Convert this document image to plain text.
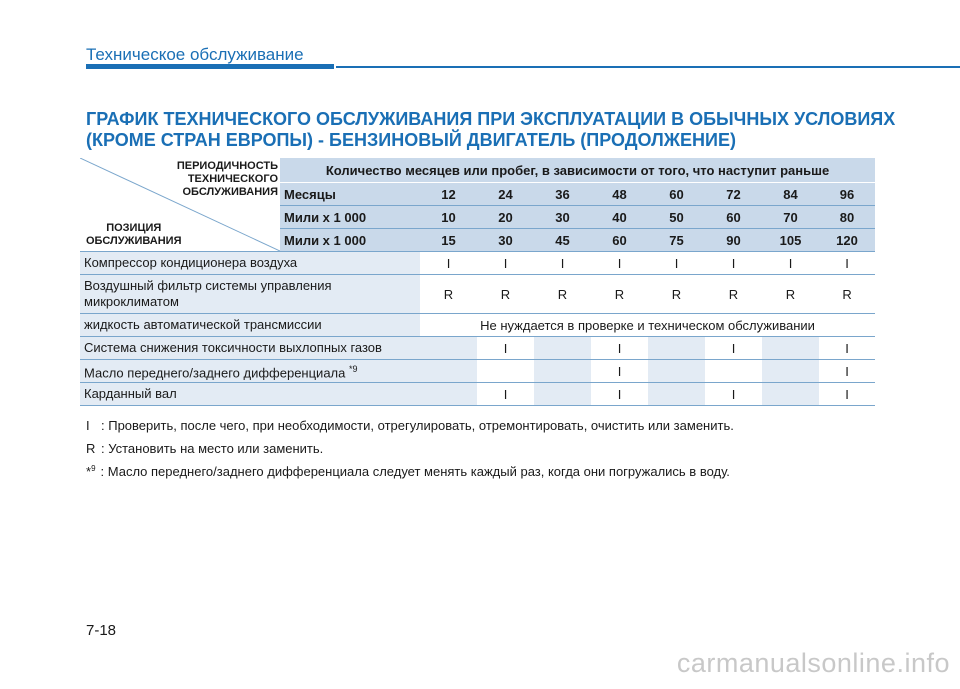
Техническое обслуживание
ГРАФИК ТЕХНИЧЕСКОГО ОБСЛУЖИВАНИЯ ПРИ ЭКСПЛУАТАЦИИ В ОБЫЧНЫХ УСЛОВИЯХ
(КРОМЕ СТРАН ЕВРОПЫ) - БЕНЗИНОВЫЙ ДВИГАТЕЛЬ (ПРОДОЛЖЕНИЕ)
ПЕРИОДИЧНОСТЬ
ТЕХНИЧЕСКОГО
ОБСЛУЖИВАНИЯ
ПОЗИЦИЯ
ОБСЛУЖИВАНИЯ	Количество месяцев или пробег, в зависимости от того, что наступит раньше								
	Месяцы	12	24	36	48	60	72	84	96
	Мили x 1 000	10	20	30	40	50	60	70	80
	Мили x 1 000	15	30	45	60	75	90	105	120
Компрессор кондиционера воздуха		I	I	I	I	I	I	I	I
Воздушный фильтр системы управления микроклиматом		R	R	R	R	R	R	R	R
жидкость автоматической трансмиссии		Не нуждается в проверке и техническом обслуживании							
Система снижения токсичности выхлопных газов			I		I		I		I
Масло переднего/заднего дифференциала $^{*9}$					I				I
Карданный вал			I		I		I		I
I : Проверить, после чего, при необходимости, отрегулировать, отремонтировать, очистить или заменить.
R : Установить на место или заменить.
*$^9$ : Масло переднего/заднего дифференциала следует менять каждый раз, когда они погружались в воду.
7-18
carmanualsonline.info
